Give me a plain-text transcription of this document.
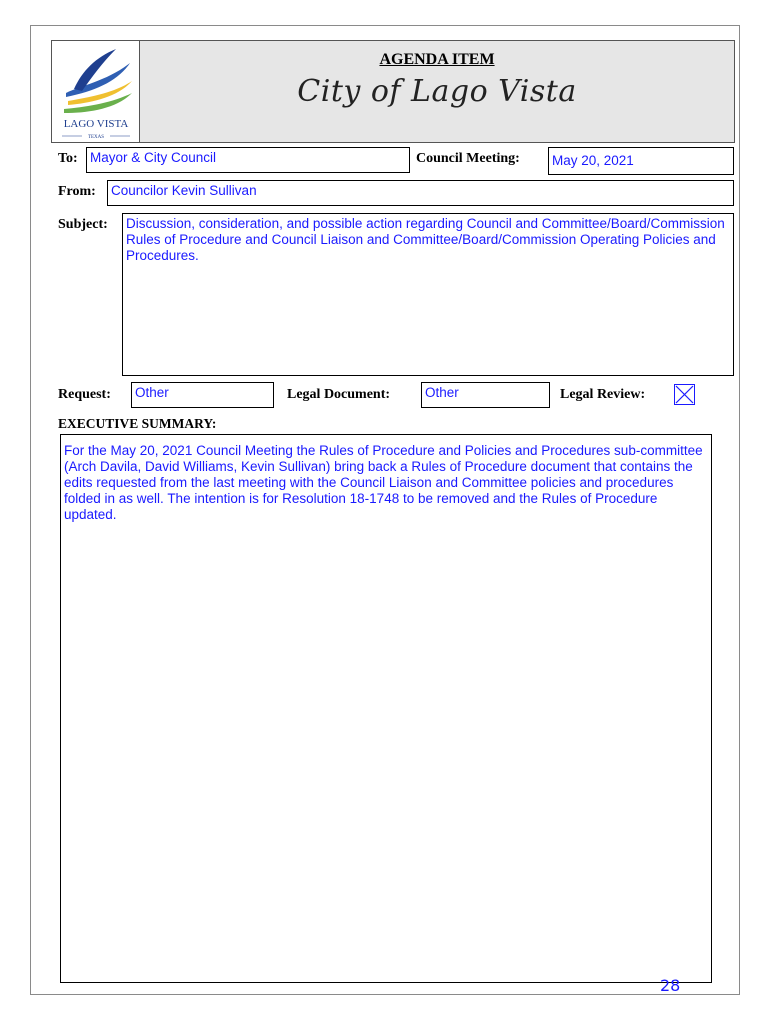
LAGO VISTA
TEXAS
AGENDA ITEM
City of Lago Vista
To: Mayor & City Council	Council Meeting: May 20, 2021
From: Councilor Kevin Sullivan
Subject: Discussion, consideration, and possible action regarding Council and Committee/Board/Commission Rules of Procedure and Council Liaison and Committee/Board/Commission Operating Policies and Procedures.
Request: Other	Legal Document:	Other	Legal Review:
EXECUTIVE SUMMARY:
For the May 20, 2021 Council Meeting the Rules of Procedure and Policies and Procedures sub-committee (Arch Davila, David Williams, Kevin Sullivan) bring back a Rules of Procedure document that contains the edits requested from the last meeting with the Council Liaison and Committee policies and procedures folded in as well. The intention is for Resolution 18-1748 to be removed and the Rules of Procedure updated.
28
